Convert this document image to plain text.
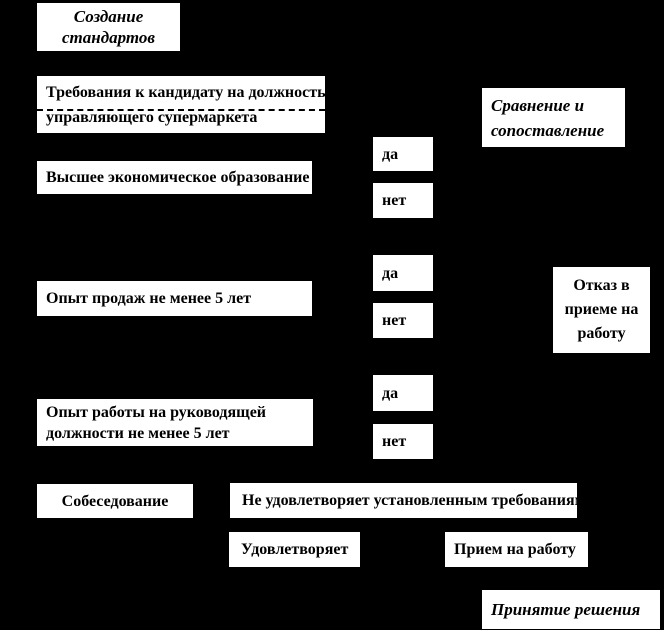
Создание
стандартов
Требования к кандидату на должность
управляющего супермаркета
Сравнение и
сопоставление
Высшее экономическое образование
да
нет
Опыт продаж не менее 5 лет
да
нет
Отказ в
приеме на
работу
Опыт работы на руководящей
должности не менее 5 лет
да
нет
Собеседование	Не удовлетворяет установленным требованиям
Удовлетворяет	Прием на работу
Принятие решения
